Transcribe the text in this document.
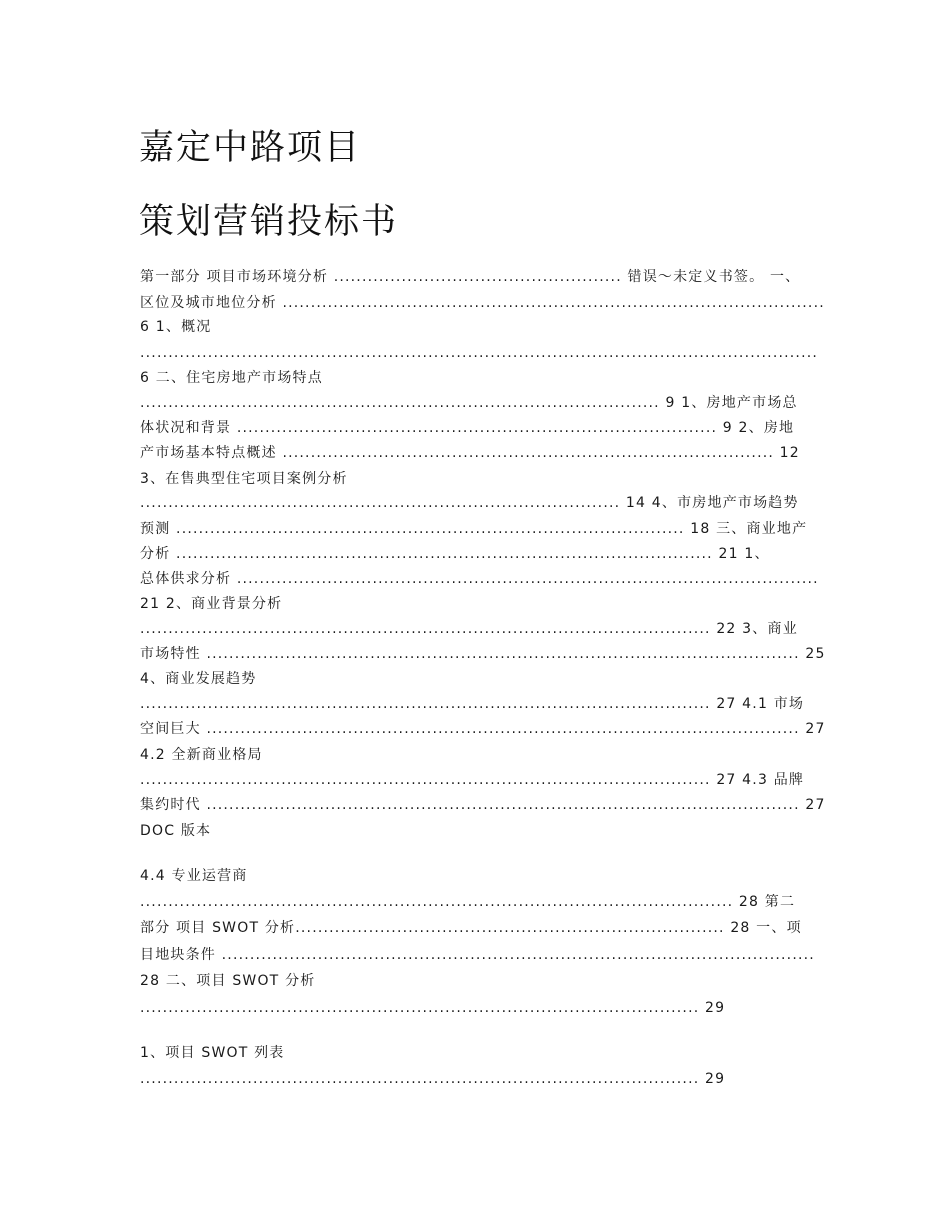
嘉定中路项目
策划营销投标书
第一部分 项目市场环境分析 ................................................... 错误～未定义书签。 一、
区位及城市地位分析 ................................................................................................
6 1、概况
........................................................................................................................
6 二、住宅房地产市场特点
............................................................................................ 9 1、房地产市场总
体状况和背景 ..................................................................................... 9 2、房地
产市场基本特点概述 ....................................................................................... 12
3、在售典型住宅项目案例分析
..................................................................................... 14 4、市房地产市场趋势
预测 .......................................................................................... 18 三、商业地产
分析 ............................................................................................... 21 1、
总体供求分析 .......................................................................................................
21 2、商业背景分析
..................................................................................................... 22 3、商业
市场特性 ......................................................................................................... 25
4、商业发展趋势
..................................................................................................... 27 4.1 市场
空间巨大 ......................................................................................................... 27
4.2 全新商业格局
..................................................................................................... 27 4.3 品牌
集约时代 ......................................................................................................... 27
DOC 版本
4.4 专业运营商
......................................................................................................... 28 第二
部分 项目 SWOT 分析............................................................................ 28 一、项
目地块条件 .........................................................................................................
28 二、项目 SWOT 分析
................................................................................................... 29
1、项目 SWOT 列表
................................................................................................... 29
